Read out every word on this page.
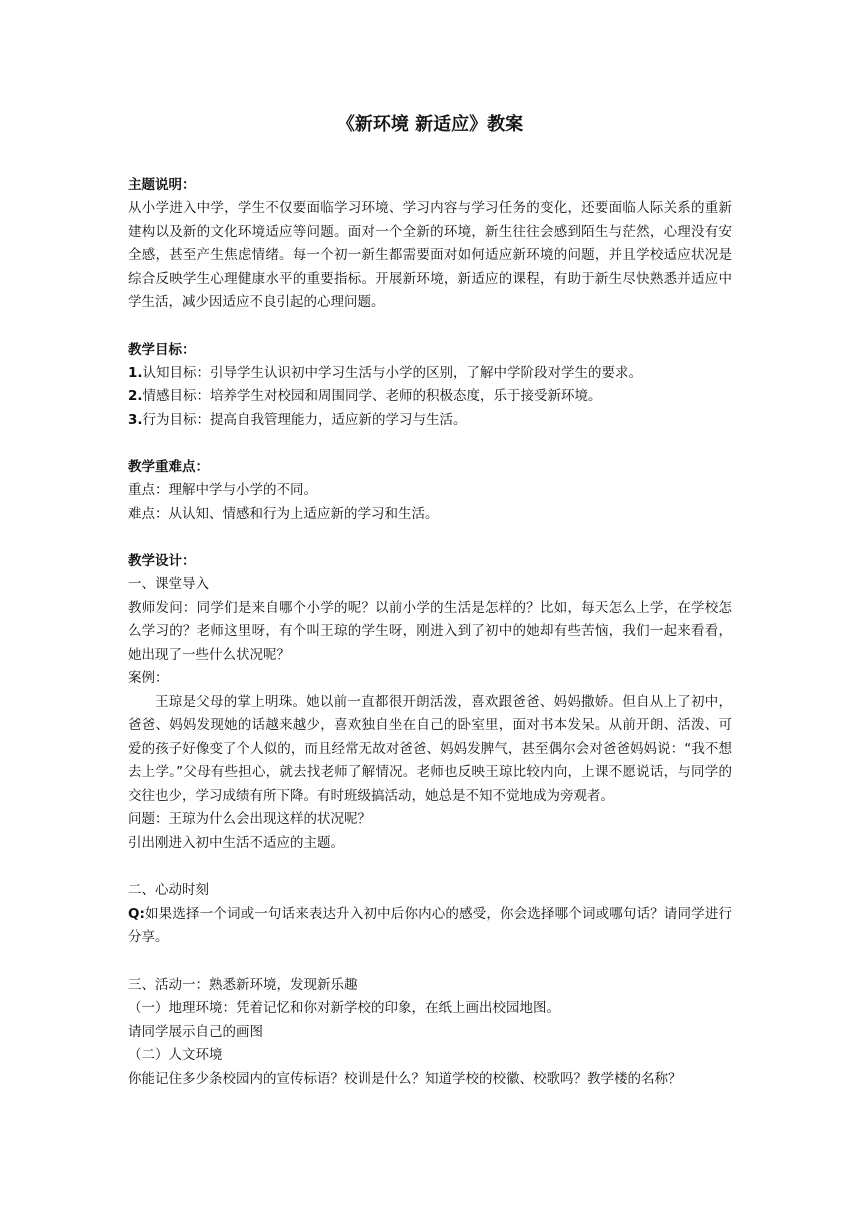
《新环境 新适应》教案
主题说明：

从小学进入中学，学生不仅要面临学习环境、学习内容与学习任务的变化，还要面临人际关系的重新建构以及新的文化环境适应等问题。面对一个全新的环境，新生往往会感到陌生与茫然，心理没有安全感，甚至产生焦虑情绪。每一个初一新生都需要面对如何适应新环境的问题，并且学校适应状况是综合反映学生心理健康水平的重要指标。开展新环境，新适应的课程，有助于新生尽快熟悉并适应中学生活，减少因适应不良引起的心理问题。

教学目标：

1.认知目标：引导学生认识初中学习生活与小学的区别，了解中学阶段对学生的要求。

2.情感目标：培养学生对校园和周围同学、老师的积极态度，乐于接受新环境。

3.行为目标：提高自我管理能力，适应新的学习与生活。

教学重难点：

重点：理解中学与小学的不同。

难点：从认知、情感和行为上适应新的学习和生活。

教学设计：

一、课堂导入

教师发问：同学们是来自哪个小学的呢？以前小学的生活是怎样的？比如，每天怎么上学，在学校怎么学习的？老师这里呀，有个叫王琼的学生呀，刚进入到了初中的她却有些苦恼，我们一起来看看，她出现了一些什么状况呢？

案例：

王琼是父母的掌上明珠。她以前一直都很开朗活泼，喜欢跟爸爸、妈妈撒娇。但自从上了初中，爸爸、妈妈发现她的话越来越少，喜欢独自坐在自己的卧室里，面对书本发呆。从前开朗、活泼、可爱的孩子好像变了个人似的，而且经常无故对爸爸、妈妈发脾气，甚至偶尔会对爸爸妈妈说：“我不想去上学。”父母有些担心，就去找老师了解情况。老师也反映王琼比较内向，上课不愿说话，与同学的交往也少，学习成绩有所下降。有时班级搞活动，她总是不知不觉地成为旁观者。

问题：王琼为什么会出现这样的状况呢？

引出刚进入初中生活不适应的主题。

二、心动时刻

Q:如果选择一个词或一句话来表达升入初中后你内心的感受，你会选择哪个词或哪句话？请同学进行分享。

三、活动一：熟悉新环境，发现新乐趣

（一）地理环境：凭着记忆和你对新学校的印象，在纸上画出校园地图。

请同学展示自己的画图

（二）人文环境

你能记住多少条校园内的宣传标语？校训是什么？知道学校的校徽、校歌吗？教学楼的名称？
